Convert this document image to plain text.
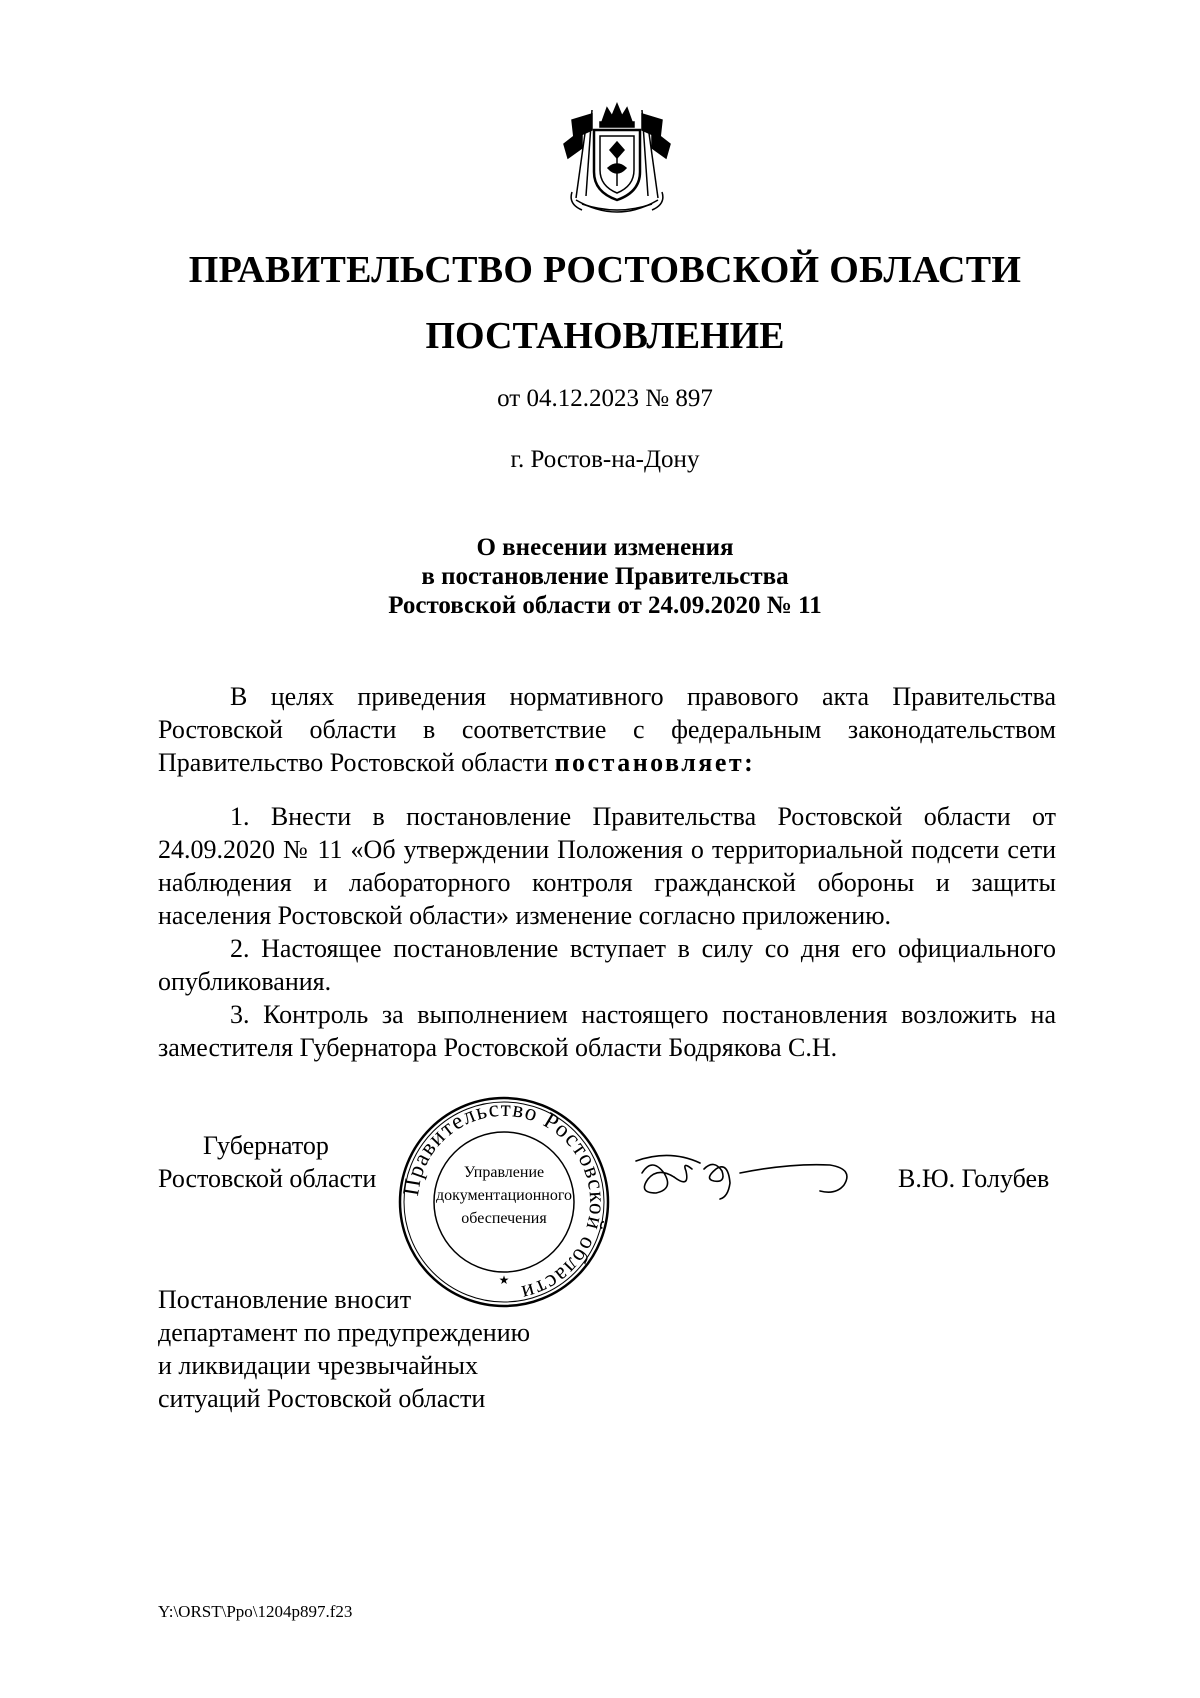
ПРАВИТЕЛЬСТВО РОСТОВСКОЙ ОБЛАСТИ
ПОСТАНОВЛЕНИЕ
от 04.12.2023 № 897
г. Ростов-на-Дону
О внесении изменения
в постановление Правительства
Ростовской области от 24.09.2020 № 11
В целях приведения нормативного правового акта Правительства Ростовской области в соответствие с федеральным законодательством Правительство Ростовской области постановляет:
1. Внести в постановление Правительства Ростовской области от 24.09.2020 № 11 «Об утверждении Положения о территориальной подсети сети наблюдения и лабораторного контроля гражданской обороны и защиты населения Ростовской области» изменение согласно приложению.
2. Настоящее постановление вступает в силу со дня его официального опубликования.
3. Контроль за выполнением настоящего постановления возложить на заместителя Губернатора Ростовской области Бодрякова С.Н.
Губернатор
Ростовской области Правительство Ростовской области
Управление
документационного
обеспечения
★
В.Ю. Голубев
Постановление вносит
департамент по предупреждению
и ликвидации чрезвычайных
ситуаций Ростовской области
Y:\ORST\Ppo\1204p897.f23
